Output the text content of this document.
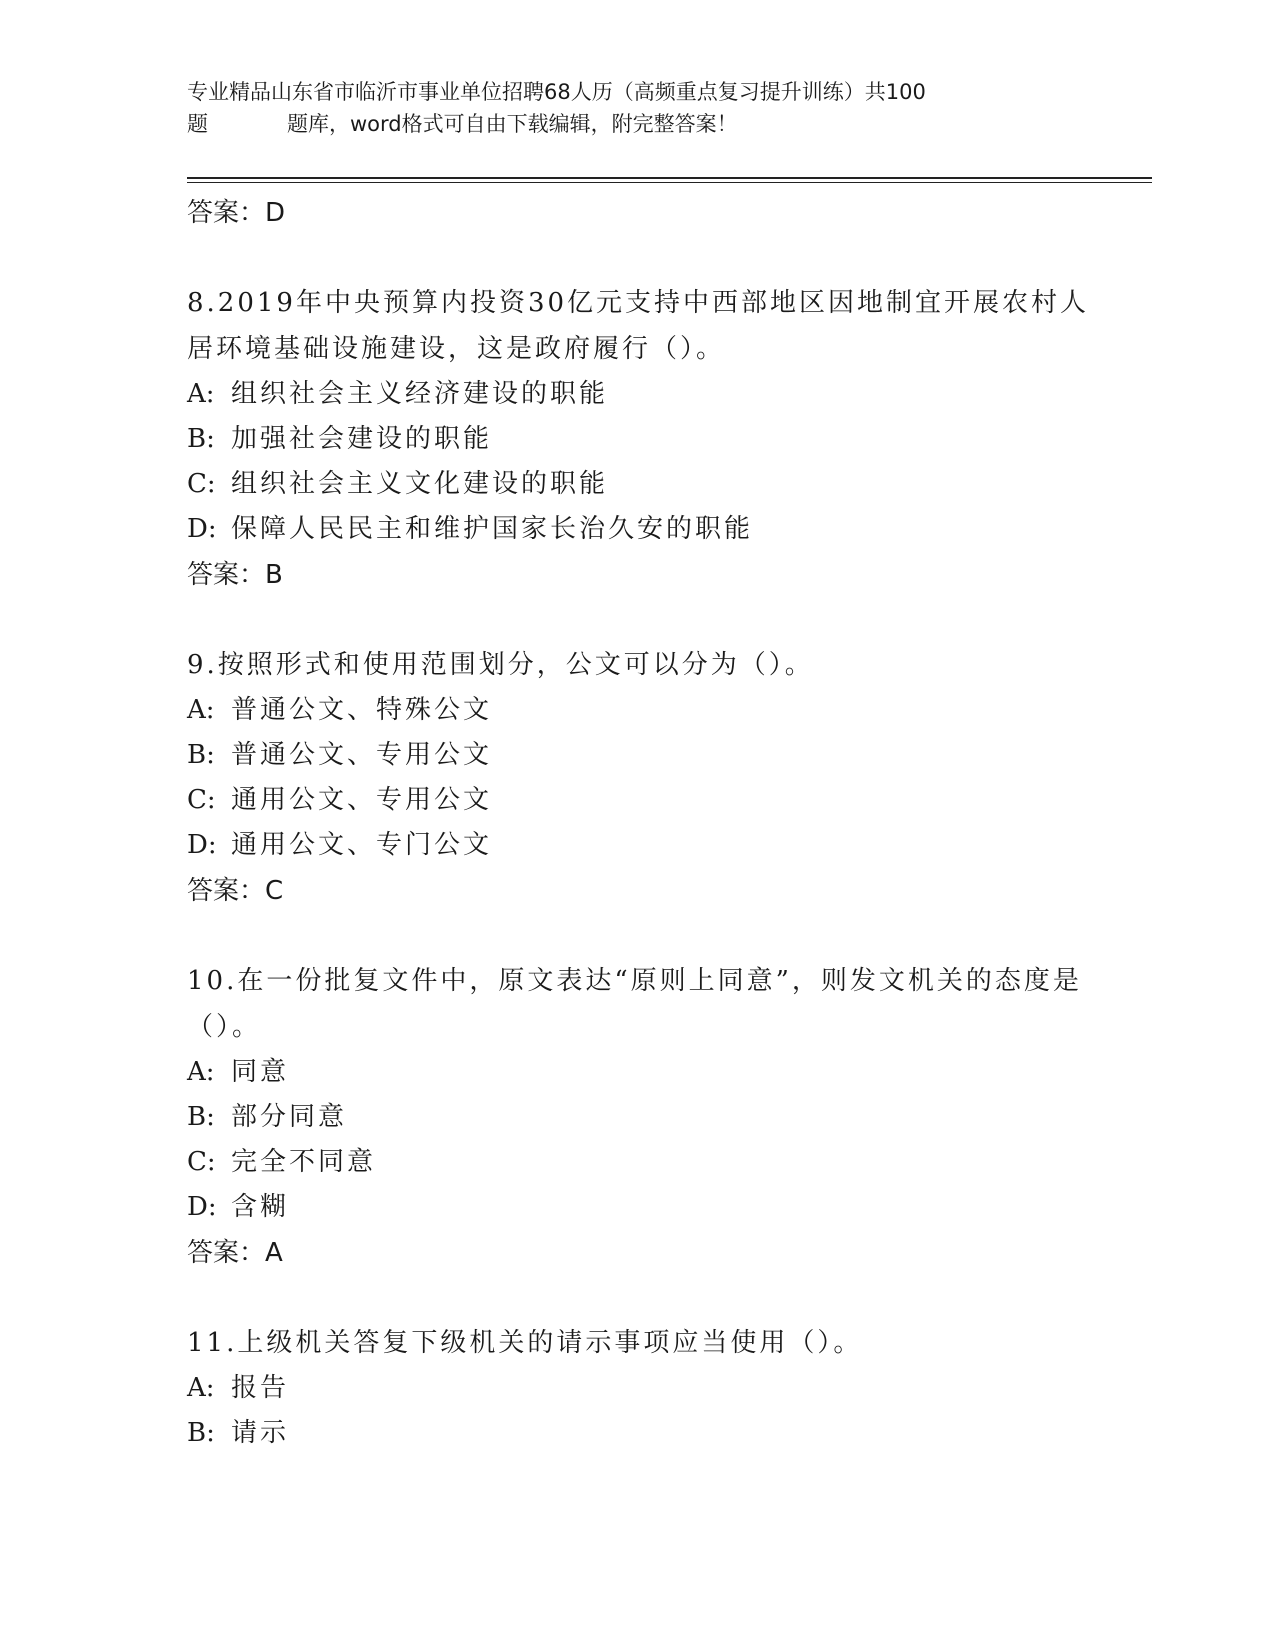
专业精品山东省市临沂市事业单位招聘68人历（高频重点复习提升训练）共100
题	题库，word格式可自由下载编辑，附完整答案！
答案：D
8.2019年中央预算内投资30亿元支持中西部地区因地制宜开展农村人居环境基础设施建设，这是政府履行（）。
A: 组织社会主义经济建设的职能
B: 加强社会建设的职能
C: 组织社会主义文化建设的职能
D: 保障人民民主和维护国家长治久安的职能
答案：B
9.按照形式和使用范围划分，公文可以分为（）。
A: 普通公文、特殊公文
B: 普通公文、专用公文
C: 通用公文、专用公文
D: 通用公文、专门公文
答案：C
10.在一份批复文件中，原文表达“原则上同意”，则发文机关的态度是（）。
A: 同意
B: 部分同意
C: 完全不同意
D: 含糊
答案：A
11.上级机关答复下级机关的请示事项应当使用（）。
A: 报告
B: 请示
